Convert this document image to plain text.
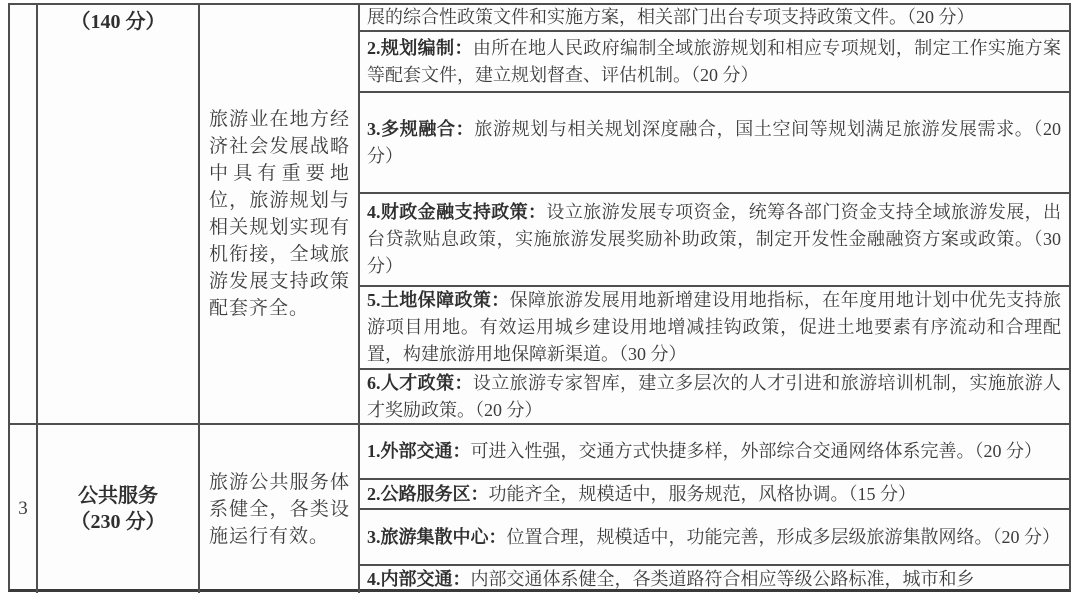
（140 分）

旅游业在地方经济社会发展战略中具有重要地位，旅游规划与相关规划实现有机衔接，全域旅游发展支持政策配套齐全。

展的综合性政策文件和实施方案，相关部门出台专项支持政策文件。（20 分）

2.规划编制：由所在地人民政府编制全域旅游规划和相应专项规划，制定工作实施方案等配套文件，建立规划督查、评估机制。（20 分）

3.多规融合：旅游规划与相关规划深度融合，国土空间等规划满足旅游发展需求。（20 分）

4.财政金融支持政策：设立旅游发展专项资金，统筹各部门资金支持全域旅游发展，出台贷款贴息政策，实施旅游发展奖励补助政策，制定开发性金融融资方案或政策。（30 分）

5.土地保障政策：保障旅游发展用地新增建设用地指标，在年度用地计划中优先支持旅游项目用地。有效运用城乡建设用地增减挂钩政策，促进土地要素有序流动和合理配置，构建旅游用地保障新渠道。（30 分）

6.人才政策：设立旅游专家智库，建立多层次的人才引进和旅游培训机制，实施旅游人才奖励政策。（20 分）

3
公共服务
（230 分）

旅游公共服务体系健全，各类设施运行有效。

1.外部交通：可进入性强，交通方式快捷多样，外部综合交通网络体系完善。（20 分）

2.公路服务区：功能齐全，规模适中，服务规范，风格协调。（15 分）

3.旅游集散中心：位置合理，规模适中，功能完善，形成多层级旅游集散网络。（20 分）

4.内部交通：内部交通体系健全，各类道路符合相应等级公路标准，城市和乡
